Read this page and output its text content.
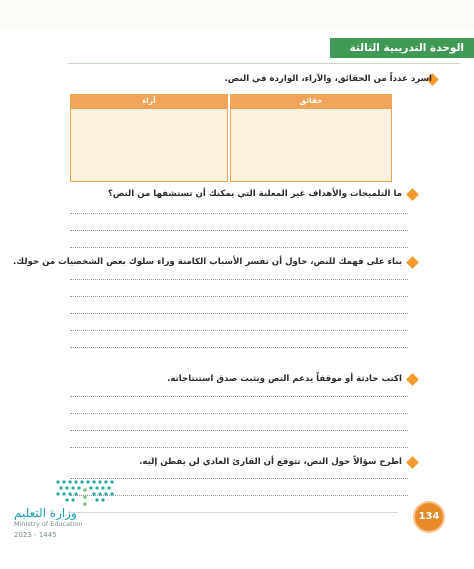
الوحدة التدريبية الثالثة
اسرد عدداً من الحقائق، والآراء، الواردة في النص.
حقائق
آراء
ما التلميحات والأهداف غير المعلنة التي يمكنك أن تستشفها من النص؟
بناء على فهمك للنص، حاول أن تفسر الأسباب الكامنة وراء سلوك بعض الشخصيات من حولك.
اكتب حادثة أو موقفاً يدعم النص ويثبت صدق استنتاجاته.
اطرح سؤالاً حول النص، تتوقع أن القارئ العادي لن يفطن إليه.
وزارة التعليم
Ministry of Education
2023 - 1445
134
